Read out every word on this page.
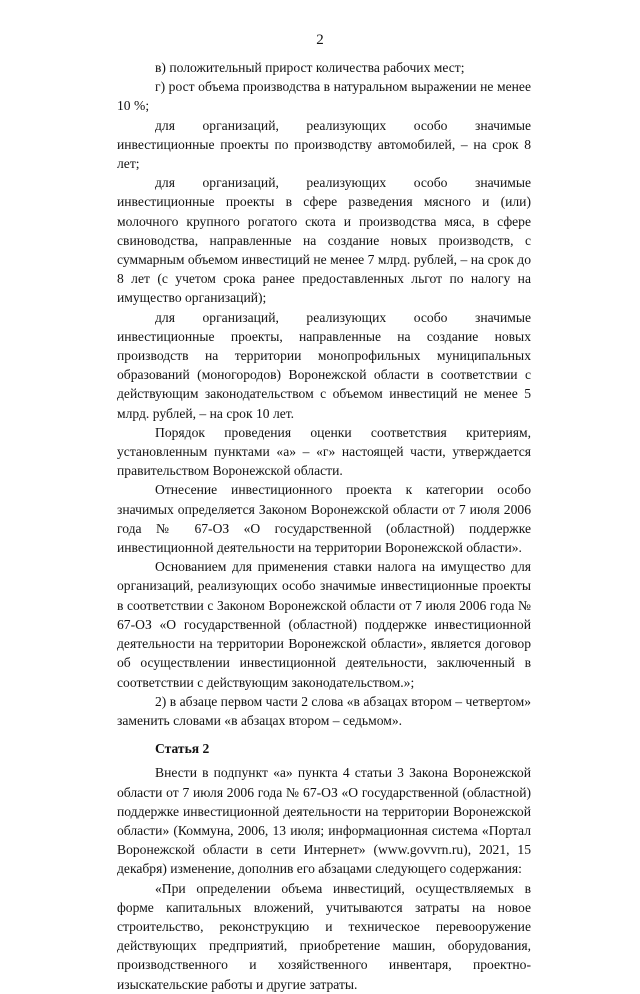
2

в) положительный прирост количества рабочих мест;

г) рост объема производства в натуральном выражении не менее 10 %;

для организаций, реализующих особо значимые инвестиционные проекты по производству автомобилей, – на срок 8 лет;

для организаций, реализующих особо значимые инвестиционные проекты в сфере разведения мясного и (или) молочного крупного рогатого скота и производства мяса, в сфере свиноводства, направленные на создание новых производств, с суммарным объемом инвестиций не менее 7 млрд. рублей, – на срок до 8 лет (с учетом срока ранее предоставленных льгот по налогу на имущество организаций);

для организаций, реализующих особо значимые инвестиционные проекты, направленные на создание новых производств на территории монопрофильных муниципальных образований (моногородов) Воронежской области в соответствии с действующим законодательством с объемом инвестиций не менее 5 млрд. рублей, – на срок 10 лет.

Порядок проведения оценки соответствия критериям, установленным пунктами «а» – «г» настоящей части, утверждается правительством Воронежской области.

Отнесение инвестиционного проекта к категории особо значимых определяется Законом Воронежской области от 7 июля 2006 года № 67-ОЗ «О государственной (областной) поддержке инвестиционной деятельности на территории Воронежской области».

Основанием для применения ставки налога на имущество для организаций, реализующих особо значимые инвестиционные проекты в соответствии с Законом Воронежской области от 7 июля 2006 года № 67-ОЗ «О государственной (областной) поддержке инвестиционной деятельности на территории Воронежской области», является договор об осуществлении инвестиционной деятельности, заключенный в соответствии с действующим законодательством.»;

2) в абзаце первом части 2 слова «в абзацах втором – четвертом» заменить словами «в абзацах втором – седьмом».

Статья 2

Внести в подпункт «а» пункта 4 статьи 3 Закона Воронежской области от 7 июля 2006 года № 67-ОЗ «О государственной (областной) поддержке инвестиционной деятельности на территории Воронежской области» (Коммуна, 2006, 13 июля; информационная система «Портал Воронежской области в сети Интернет» (www.govvrn.ru), 2021, 15 декабря) изменение, дополнив его абзацами следующего содержания:

«При определении объема инвестиций, осуществляемых в форме капитальных вложений, учитываются затраты на новое строительство, реконструкцию и техническое перевооружение действующих предприятий, приобретение машин, оборудования, производственного и хозяйственного инвентаря, проектно-изыскательские работы и другие затраты.
